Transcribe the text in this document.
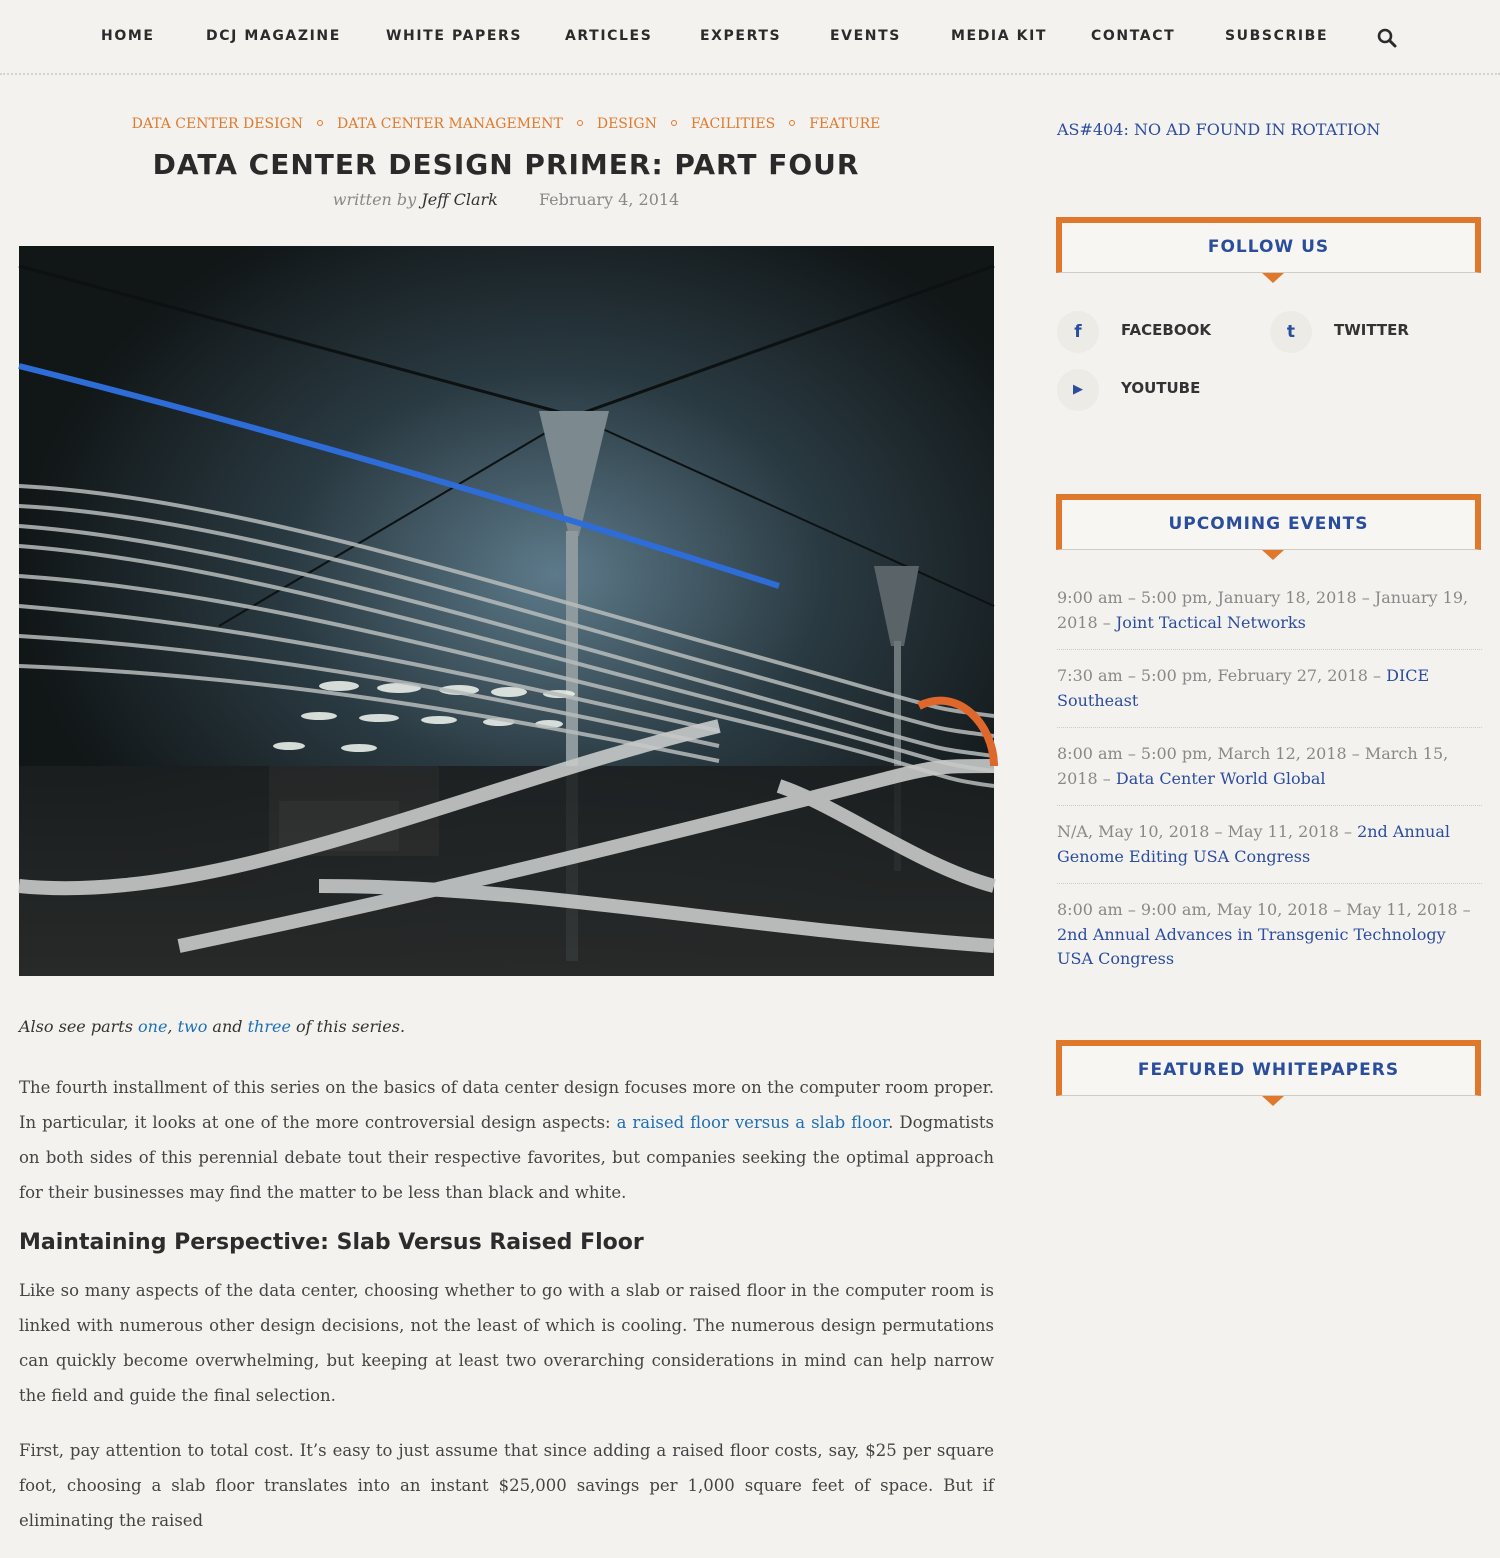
HOME	DCJ MAGAZINE	WHITE PAPERS	ARTICLES	EXPERTS	EVENTS	MEDIA KIT	CONTACT	SUBSCRIBE
DATA CENTER DESIGN DATA CENTER MANAGEMENT DESIGN FACILITIES FEATURE
DATA CENTER DESIGN PRIMER: PART FOUR
written by Jeff Clark	February 4, 2014

Also see parts one, two and three of this series.

The fourth installment of this series on the basics of data center design focuses more on the computer room proper. In particular, it looks at one of the more controversial design aspects: a raised floor versus a slab floor. Dogmatists on both sides of this perennial debate tout their respective favorites, but companies seeking the optimal approach for their businesses may find the matter to be less than black and white.

Maintaining Perspective: Slab Versus Raised Floor

Like so many aspects of the data center, choosing whether to go with a slab or raised floor in the computer room is linked with numerous other design decisions, not the least of which is cooling. The numerous design permutations can quickly become overwhelming, but keeping at least two overarching considerations in mind can help narrow the field and guide the final selection.

First, pay attention to total cost. It’s easy to just assume that since adding a raised floor costs, say, $25 per square foot, choosing a slab floor translates into an instant $25,000 savings per 1,000 square feet of space. But if eliminating the raised

AS#404: NO AD FOUND IN ROTATION
FOLLOW US
f	FACEBOOK	t	TWITTER
▶	YOUTUBE
UPCOMING EVENTS
9:00 am – 5:00 pm, January 18, 2018 – January 19, 2018 – Joint Tactical Networks
7:30 am – 5:00 pm, February 27, 2018 – DICE Southeast
8:00 am – 5:00 pm, March 12, 2018 – March 15, 2018 – Data Center World Global
N/A, May 10, 2018 – May 11, 2018 – 2nd Annual Genome Editing USA Congress
8:00 am – 9:00 am, May 10, 2018 – May 11, 2018 – 2nd Annual Advances in Transgenic Technology USA Congress
FEATURED WHITEPAPERS
